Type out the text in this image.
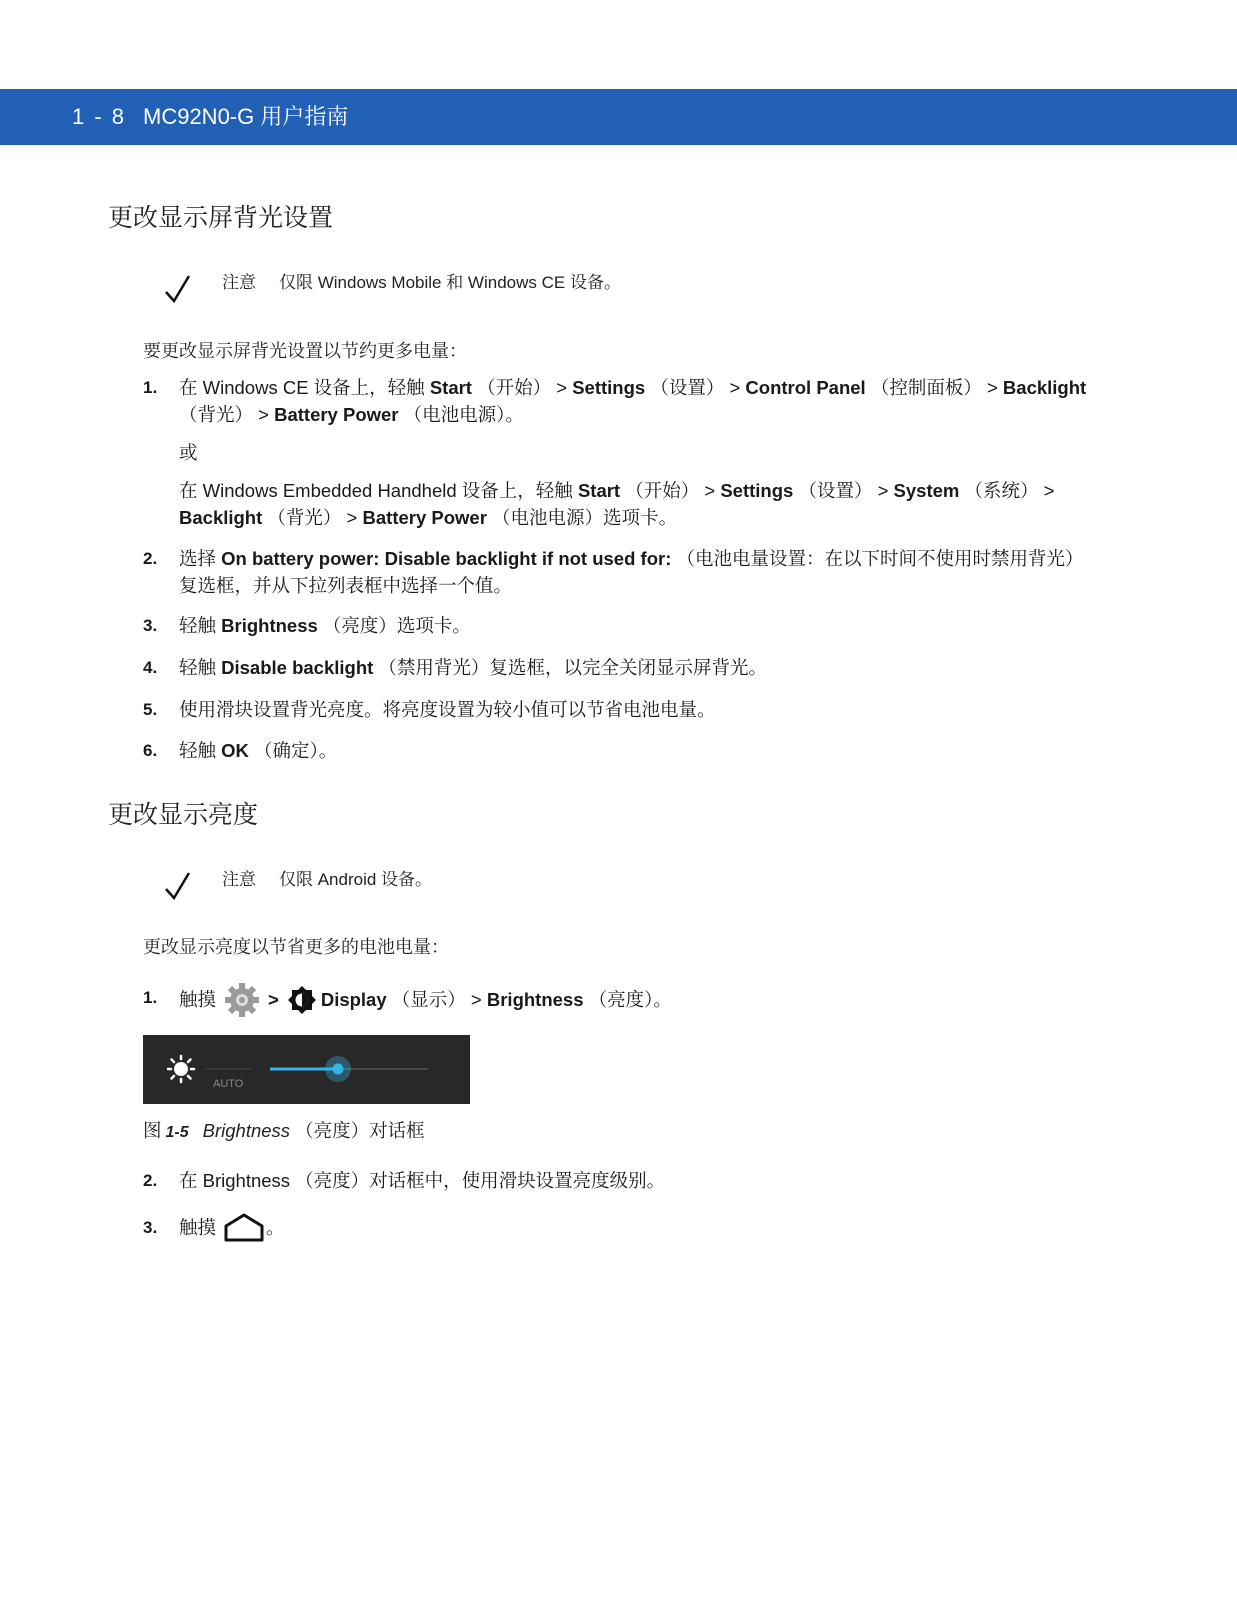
1 - 8 MC92N0-G 用户指南
更改显示屏背光设置
注意 仅限 Windows Mobile 和 Windows CE 设备。
要更改显示屏背光设置以节约更多电量：
1. 在 Windows CE 设备上，轻触 Start （开始） > Settings （设置） > Control Panel （控制面板） > Backlight
（背光） > Battery Power （电池电源）。
或
在 Windows Embedded Handheld 设备上，轻触 Start （开始） > Settings （设置） > System （系统） >
Backlight （背光） > Battery Power （电池电源）选项卡。
2. 选择 On battery power: Disable backlight if not used for: （电池电量设置：在以下时间不使用时禁用背光）
复选框，并从下拉列表框中选择一个值。
3. 轻触 Brightness （亮度）选项卡。
4. 轻触 Disable backlight （禁用背光）复选框，以完全关闭显示屏背光。
5. 使用滑块设置背光亮度。将亮度设置为较小值可以节省电池电量。
6. 轻触 OK （确定）。
更改显示亮度
注意 仅限 Android 设备。
更改显示亮度以节省更多的电池电量：
1. 触摸	> Display （显示） > Brightness （亮度）。
AUTO
图 1-5 Brightness （亮度）对话框
2. 在 Brightness （亮度）对话框中，使用滑块设置亮度级别。
3. 触摸	。
